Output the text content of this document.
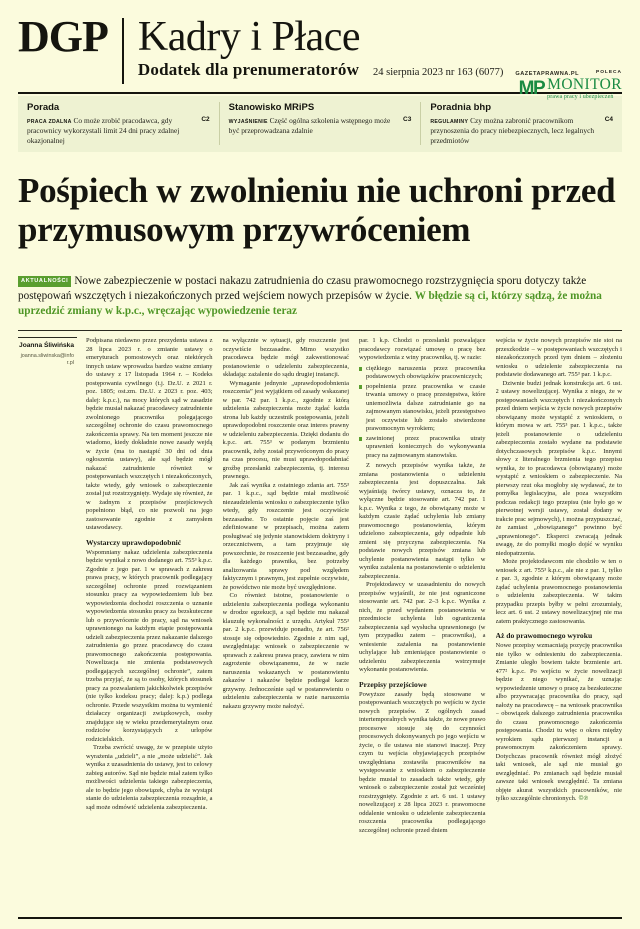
DGP Kadry i Płace
Dodatek dla prenumeratorów 24 sierpnia 2023 nr 163 (6077) GAZETAPRAWNA.PL	POLECA
MP MONITOR
prawa pracy i ubezpieczeń
Porada
C2
PRACA ZDALNA Co może zrobić pracodawca, gdy pracownicy wykorzystali limit 24 dni pracy zdalnej okazjonalnej
Stanowisko MRiPS
C3
WYJAŚNIENIE Część ogólna szkolenia wstępnego może być przeprowadzana zdalnie
Poradnia bhp
C4
REGULAMINY Czy można zabronić pracownikom przynoszenia do pracy niebezpiecznych, lecz legalnych przedmiotów
Pośpiech w zwolnieniu nie uchroni przed przymusowym przywróceniem
AKTUALNOŚCI Nowe zabezpieczenie w postaci nakazu zatrudnienia do czasu prawomocnego rozstrzygnięcia sporu dotyczy także postępowań wszczętych i niezakończonych przed wejściem nowych przepisów w życie. W błędzie są ci, którzy sądzą, że można uprzedzić zmiany w k.p.c., wręczając wypowiedzenie teraz
Joanna Śliwińska
joanna.sliwinska@infor.pl

Podpisana niedawno przez prezydenta ustawa z 28 lipca 2023 r. o zmianie ustawy o emeryturach pomostowych oraz niektórych innych ustaw wprowadza bardzo ważne zmiany do ustawy z 17 listopada 1964 r. – Kodeks postępowania cywilnego (t.j. Dz.U. z 2021 r. poz. 1805; ost.zm. Dz.U. z 2023 r. poz. 403; dalej: k.p.c.), na mocy których sąd w zasadzie będzie musiał nakazać pracodawcy zatrudnienie zwolnionego pracownika polegającego szczególnej ochronie do czasu prawomocnego zakończenia sprawy. Na ten moment jeszcze nie wiadomo, kiedy dokładnie nowe zasady wejdą w życie (ma to nastąpić 30 dni od dnia ogłoszenia ustawy), ale sąd będzie mógł nakazać zatrudnienie również w postępowaniach wszczętych i niezakończonych, także wtedy, gdy wniosek o zabezpieczenie został już rozstrzygnięty. Wydaje się również, że w żadnym z przepisów przejściowych popełniono błąd, co nie pozwoli na jego zastosowanie zgodnie z zamysłem ustawodawcy.

Wystarczy uprawdopodobnić

Wspomniany nakaz udzielenia zabezpieczenia będzie wynikał z nowo dodanego art. 755³ k.p.c. Zgodnie z jego par. 1 w sprawach z zakresu prawa pracy, w których pracownik podlegający szczególnej ochronie przed rozwiązaniem stosunku pracy za wypowiedzeniem lub bez wypowiedzenia dochodzi roszczenia o uznanie wypowiedzenia stosunku pracy za bezskuteczne lub o przywrócenie do pracy, sąd na wniosek uprawnionego na każdym etapie postępowania udzieli zabezpieczenia przez nakazanie dalszego zatrudnienia go przez pracodawcę do czasu prawomocnego zakończenia postępowania. Nowelizacja nie zmienia podstawowych podlegających szczególnej ochronie”, zatem trzeba przyjąć, że są to osoby, których stosunek pracy za pozwalaniem jakichkolwiek przepisów (nie tylko kodeksu pracy; dalej: k.p.) podlega ochronie. Przede wszystkim można tu wymienić działaczy organizacji związkowych, osoby znajdujące się w wieku przedemerytalnym oraz rodziców korzystających z urlopów rodzicielskich.

Trzeba zwrócić uwagę, że w przepisie użyto wyrażenia „udzieli”, a nie „może udzielić”. Jak wynika z uzasadnienia do ustawy, jest to celowy zabieg autorów. Sąd nie będzie miał zatem tylko możliwości udzielenia takiego zabezpieczenia, ale to będzie jego obowiązek, chyba że wystąpi stanie do udzielenia zabezpieczenia rozsądnie, a sąd może odmówić udzielenia zabezpieczenia.

na wyłącznie w sytuacji, gdy roszczenie jest oczywiście bezzasadne. Mimo wszystko pracodawca będzie mógł zakwestionować postanowienie o udzieleniu zabezpieczenia, składając zażalenie do sądu drugiej instancji.

Wymaganie jednynie „uprawdopodobnienia roszczenia” jest wyjątkiem od zasady wskazanej w par. 742 par. 1 k.p.c., zgodnie z którą udzielenia zabezpieczenia może żądać każda strona lub każdy uczestnik postępowania, jeżeli uprawdopodobni roszczenie oraz interes prawny w udzieleniu zabezpieczenia. Dzięki dodaniu do k.p.c. art. 755³ w podanym brzmieniu pracownik, żeby został przywróconym do pracy na czas procesu, nie musi uprawdopodabniać groźbę przesłanki zabezpieczenia, tj. interesu prawnego.

Jak zaś wynika z ostatniego zdania art. 755³ par. 1 k.p.c., sąd będzie miał możliwość niezaudzielenia wniosku o zabezpieczenie tylko wtedy, gdy roszczenie jest oczywiście bezzasadne. To ostatnie pojęcie zaś jest zdefiniowane w przepisach, można zatem posługiwać się jedynie stanowiskiem doktryny i orzecznictwem, a tam przyjmuje się powszechnie, że roszczenie jest bezzasadne, gdy dla każdego prawnika, bez potrzeby analizowania sprawy pod względem faktycznym i prawnym, jest zupełnie oczywiste, że powódctwo nie może być uwzględnione.

Co również istotne, postanowienie o udzieleniu zabezpieczenia podlega wykonaniu w drodze egzekucji, a sąd będzie mu nakazał klauzulę wykonalności z urzędu. Artykuł 755³ par. 2 k.p.c. przewiduje ponadto, że art. 756² stosuje się odpowiednio. Zgodnie z nim sąd, uwzględniając wniosek o zabezpieczenie w sprawach z zakresu prawa pracy, zawiera w nim zagrożenie obowiązanemu, że w razie naruszenia wskazanych w postanowieniu zakazów i nakazów będzie podlegał karze grzywny. Jednocześnie sąd w postanowieniu o udzieleniu zabezpieczenia w razie naruszenia nakazu grzywny może nałożyć.

par. 1 k.p. Chodzi o przesłanki pozwalające pracodawcy rozwiązać umowę o pracę bez wypowiedzenia z winy pracownika, tj. w razie:

ciężkiego naruszenia przez pracownika podstawowych obowiązków pracowniczych;
popełnienia przez pracownika w czasie trwania umowy o pracę przestępstwa, które uniemożliwia dalsze zatrudnianie go na zajmowanym stanowisku, jeżeli przestępstwo jest oczywiste lub zostało stwierdzone prawomocnym wyrokiem;
zawinionej przez pracownika utraty uprawnień koniecznych do wykonywania pracy na zajmowanym stanowisku.

Z nowych przepisów wynika także, że zmiana postanowienia o udzieleniu zabezpieczenia jest dopuszczalna. Jak wyjaśniają twórcy ustawy, oznacza to, że wyłączne będzie stosowanie art. 742 par. 1 k.p.c. Wynika z tego, że obowiązany może w każdym czasie żądać uchylenia lub zmiany prawomocnego postanowienia, którym udzielono zabezpieczenia, gdy odpadnie lub zmieni się przyczyna zabezpieczenia. Na podstawie nowych przepisów zmiana lub uchylenie postanowienia nastąpi tylko w wyniku zażalenia na postanowienie o udzieleniu zabezpieczenia.

Projektodawcy w uzasadnieniu do nowych przepisów wyjaśnili, że nie jest ograniczone stosowanie art. 742 par. 2–3 k.p.c. Wynika z nich, że przed wydaniem postanowienia w przedmiocie uchylenia lub ograniczenia zabezpieczenia sąd wysłucha uprawnionego (w tym przypadku zatem – pracownika), a wniesienie zażalenia na postanowienie uchylające lub zmieniające postanowienie o udzieleniu zabezpieczenia wstrzymuje wykonanie postanowienia.

Przepisy przejściowe

Powyższe zasady będą stosowane w postępowaniach wszczętych po wejściu w życie nowych przepisów. Z ogólnych zasad intertemporalnych wynika także, że nowe prawo procesowe stosuje się do czynności procesowych dokonywanych po jego wejściu w życie, o ile ustawa nie stanowi inaczej. Przy czym tu wejścia obyjawiających przepisów uwzględniana zostawiła pracowników na występowanie z wnioskiem o zabezpieczenie będzie musiał to zasadach także wtedy, gdy wniosek o zabezpieczenie został już wcześniej rozstrzygnięty. Zgodnie z art. 6 ust. 1 ustawy nowelizującej z 28 lipca 2023 r. prawomocne oddalenie wniosku o udzielenie zabezpieczenia roszczenia pracownika podlegającego szczególnej ochronie przed dniem

wejścia w życie nowych przepisów nie stoi na przeszkodzie – w postępowaniach wszczętych i niezakończonych przed tym dniem – złożeniu wniosku o udzielenie zabezpieczenia na podstawie dodawanego art. 755³ par. 1 k.p.c.

Dziwnie budzi jednak konstrukcja art. 6 ust. 2 ustawy nowelizującej. Wynika z niego, że w postępowaniach wszczętych i niezakończonych przed dniem wejścia w życie nowych przepisów obowiązany może wystąpić z wnioskiem, o którym mowa w art. 755³ par. 1 k.p.c., także jeżeli postanowienie o udzieleniu zabezpieczenia zostało wydane na podstawie dotychczasowych przepisów k.p.c. Innymi słowy z literalnego brzmienia tego przepisu wynika, że to pracodawca (obowiązany) może wystąpić z wnioskiem o zabezpieczenie. Na pierwszy rzut oka mogłoby się wydawać, że to pomyłka legislacyjna, ale poza wszystkim podczas redakcji tego przepisu (nie było go w pierwotnej wersji ustawy, został dodany w trakcie prac sejmowych), i można przypuszczać, że zamiast „obowiązanego” powinno być „uprawnionego”. Eksperci zwracają jednak uwagę, że do pomyłki mogło dojść w wyniku niedopatrzenia.

Może projektodawcom nie chodziło w ten o wniosek z art. 755³ k.p.c., ale nie z par. 1, tylko z par. 3, zgodnie z którym obowiązany może żądać uchylenia prawomocnego postanowienia o udzieleniu zabezpieczenia. W takim przypadku przepis byłby w pełni zrozumiały, lecz art. 6 ust. 2 ustawy nowelizacyjnej nie ma zatem praktycznego zastosowania.

Aż do prawomocnego wyroku

Nowe przepisy wzmacniają pozycję pracownika nie tylko w odniesieniu do zabezpieczenia. Zmianie uległo bowiem także brzmienie art. 477² k.p.c. Po wejściu w życie nowelizacji będzie z niego wynikać, że uznając wypowiedzenie umowy o pracę za bezskuteczne albo przywracając pracownika do pracy, sąd nałoży na pracodawcę – na wniosek pracownika – obowiązek dalszego zatrudnienia pracownika do czasu prawomocnego zakończenia postępowania. Chodzi tu więc o okres między wyrokiem sądu pierwszej instancji a prawomocnym zakończeniem sprawy. Dotychczas pracownik również mógł złożyć taki wniosek, ale sąd nie musiał go uwzględniać. Po zmianach sąd będzie musiał zawsze taki wniosek uwzględnić. Ta zmiana objęte akurat wszystkich pracowników, nie tylko szczególnie chronionych. ©℗
